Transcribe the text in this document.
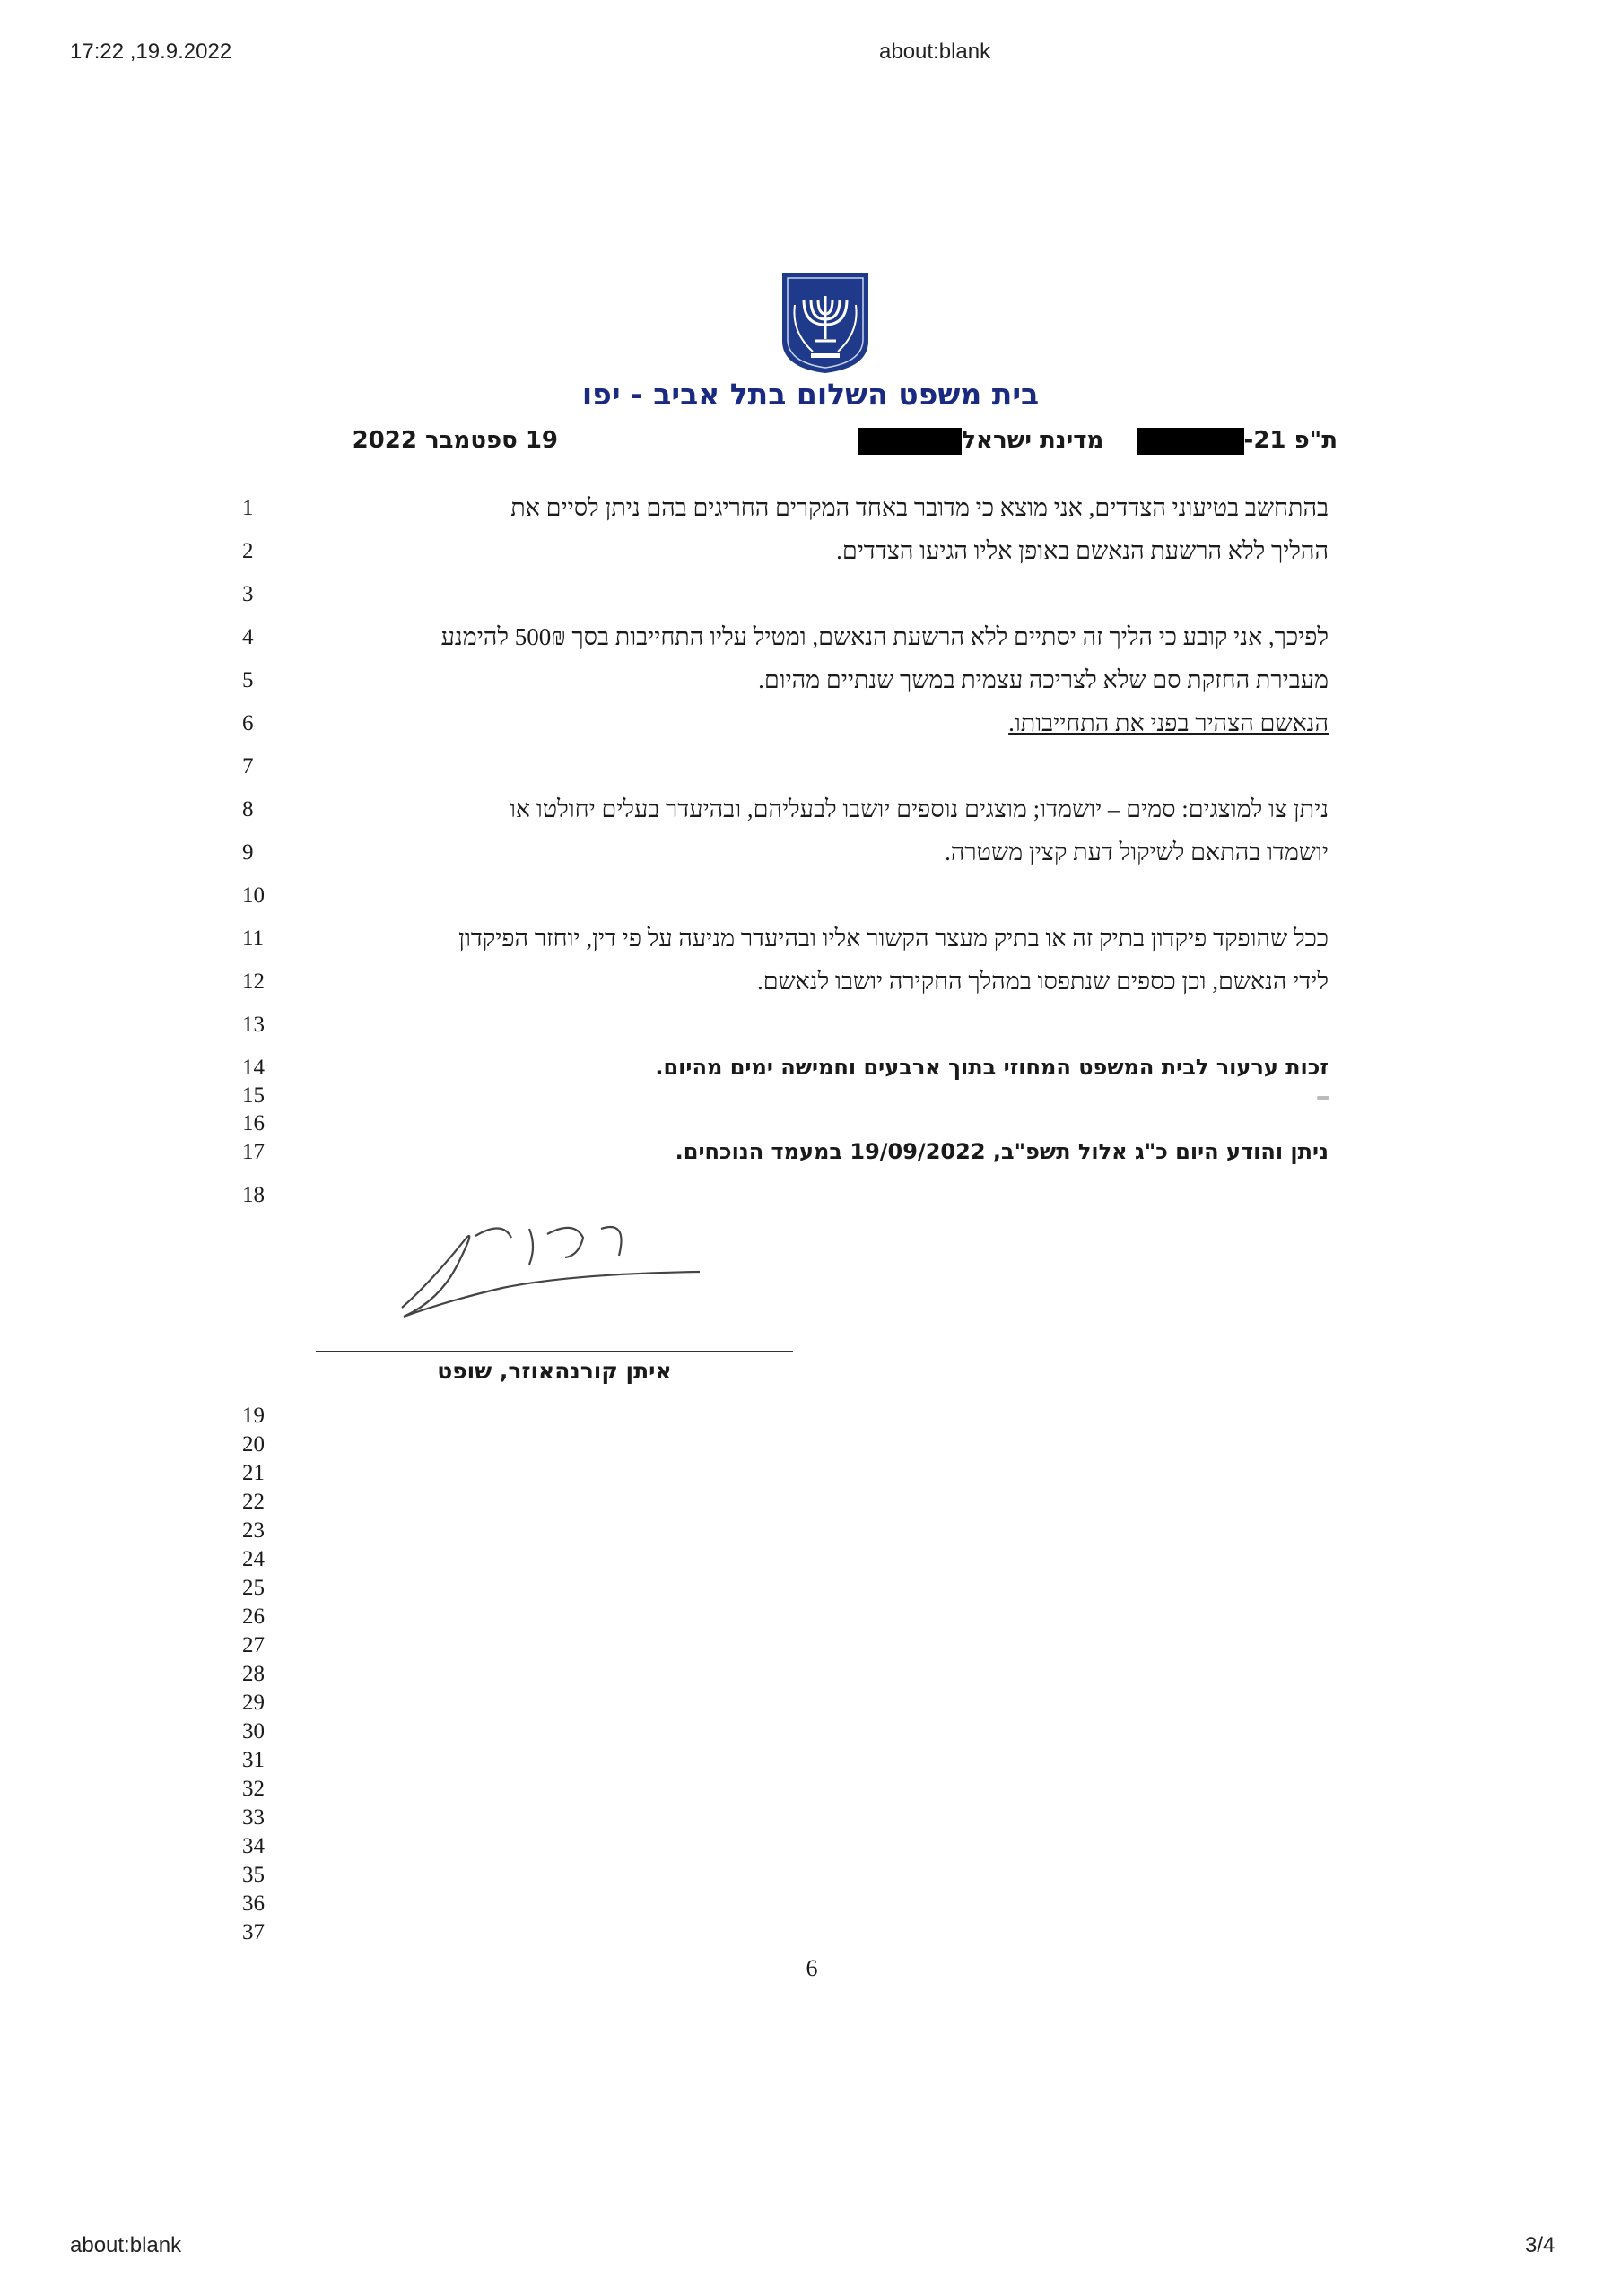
17:22 ,19.9.2022	about:blank
about:blank	3/4
בית משפט השלום בתל אביב - יפו
ת"פ 21-    מדינת ישראל
19 ספטמבר 2022
1
2
3
4
5
6
7
8
9
10
11
12
13
14
15
16
17
18
19
20
21
22
23
24
25
26
27
28
29
30
31
32
33
34
35
36
37
בהתחשב בטיעוני הצדדים, אני מוצא כי מדובר באחד המקרים החריגים בהם ניתן לסיים את
ההליך ללא הרשעת הנאשם באופן אליו הגיעו הצדדים.
לפיכך, אני קובע כי הליך זה יסתיים ללא הרשעת הנאשם, ומטיל עליו התחייבות בסך 500₪ להימנע
מעבירת החזקת סם שלא לצריכה עצמית במשך שנתיים מהיום.
הנאשם הצהיר בפני את התחייבותו.
ניתן צו למוצגים: סמים – יושמדו; מוצגים נוספים יושבו לבעליהם, ובהיעדר בעלים יחולטו או
יושמדו בהתאם לשיקול דעת קצין משטרה.
ככל שהופקד פיקדון בתיק זה או בתיק מעצר הקשור אליו ובהיעדר מניעה על פי דין, יוחזר הפיקדון
לידי הנאשם, וכן כספים שנתפסו במהלך החקירה יושבו לנאשם.
זכות ערעור לבית המשפט המחוזי בתוך ארבעים וחמישה ימים מהיום.
ניתן והודע היום כ"ג אלול תשפ"ב, 19/09/2022 במעמד הנוכחים.
איתן קורנהאוזר, שופט
6
